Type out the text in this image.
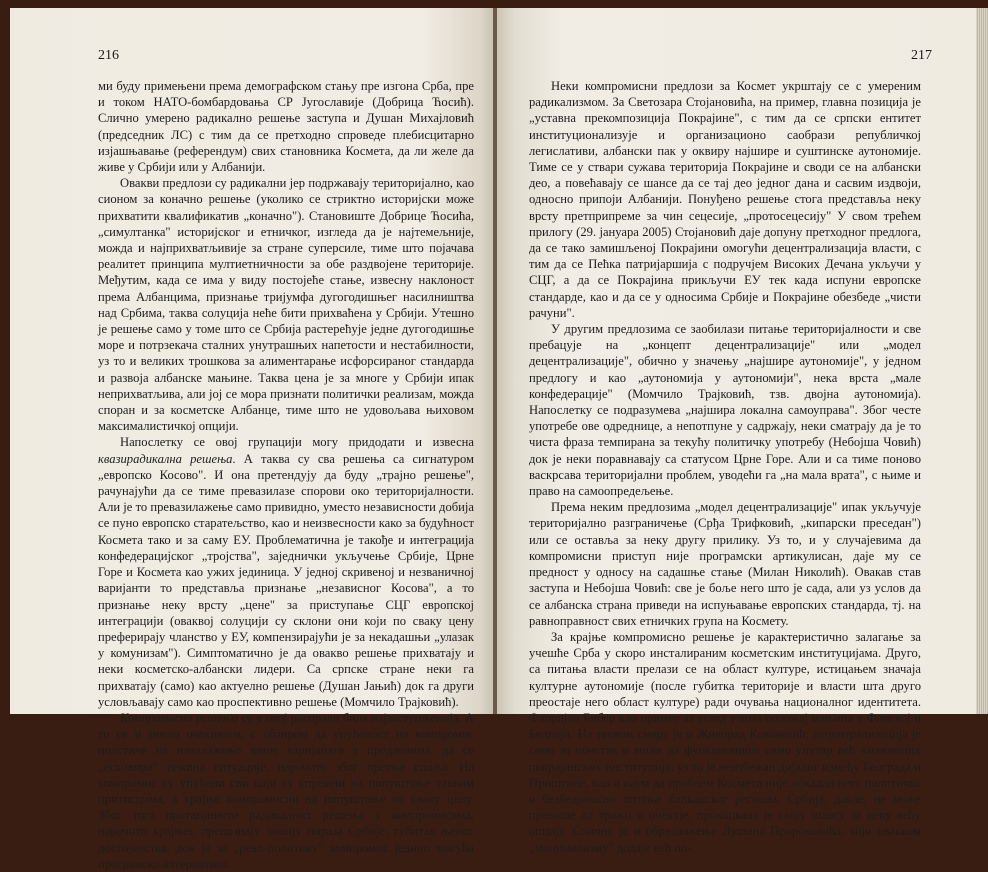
216

ми буду примењени према демографском стању пре изгона Срба, пре и током НАТО-бомбардовања СР Југославије (Добрица Ћосић). Слично умерено радикално решење заступа и Душан Михајловић (председник ЛС) с тим да се претходно спроведе плебисцитарно изјашњавање (референдум) свих становника Космета, да ли желе да живе у Србији или у Албанији.

Овакви предлози су радикални јер подржавају територијално, као сионом за коначно решење (уколико се стриктно историјски може прихватити квалификатив „коначно"). Становиште Добрице Ћосића, „симултанка" историјског и етничког, изгледа да је најтемељније, можда и најприхватљивије за стране суперсиле, тиме што појачава реалитет принципа мултиетничности за обе раздвојене територије. Међутим, када се има у виду постојеће стање, извесну наклоност према Албанцима, признање тријумфа дугогодишњег насилништва над Србима, таква солуција неће бити прихваћена у Србији. Утешно је решење само у томе што се Србија растерећује једне дугогодишње море и потрзекача сталних унутрашњих напетости и нестабилности, уз то и великих трошкова за алиментарање исфорсираног стандарда и развоја албанске мањине. Таква цена је за многе у Србији ипак неприхватљива, али јој се мора признати политички реализам, можда споран и за косметске Албанце, тиме што не удовољава њиховом максималистичкој опцији.

Напослетку се овој групацији могу придодати и извесна квазирадикална решења. А таква су сва решења са сигнатуром „европско Косово". И она претендују да буду „трајно решење", рачунајући да се тиме превазилазе спорови око територијалности. Али је то превазилажење само привидно, уместо независности добија се пуно европско старатељство, као и неизвесности како за будућност Космета тако и за саму ЕУ. Проблематична је такође и интеграција конфедерацијског „тројства", заједнички укључење Србије, Црне Горе и Космета као ужих јединица. У једној скривеној и незваничној варијанти то представља признање „независног Косова", а то признање неку врсту „цене" за приступање СЦГ европској интеграцији (оваквој солуцији су склони они који по сваку цену преферирају чланство у ЕУ, компензирајући је за некадашњи „улазак у комунизам"). Симптоматично је да овакво решење прихватају и неки косметско-албански лидери. Са српске стране неки га прихватају (само) као актуелно решење (Душан Јањић) док га други условљавају само као проспективно решење (Момчило Трајковић).

Компромисна решења су у овој расправи била најзаступљенија. А то се и могло очекивати, с обзиром да упућеност на компромис подстиче на изналажење више варијаната у предлозима, да се „ескивира" тежина ситуације, нарочито због претње споља. На компромис су упућени сви који су спремни на попуштање таквим притисцима, а крајње компромисни на попуштање по сваку цену. Због тога протагонисти радикалних решења у компромисима, нарочито крајњег, препознају линију пораза Србије, губитак њеног достојанства, док је за „реал-политику" компромис једино могућа програмска алтернатива.

217

Неки компромисни предлози за Космет укрштају се с умереним радикализмом. За Светозара Стојановића, на пример, главна позиција је „уставна прекомпозиција Покрајине", с тим да се српски ентитет институционализује и организационо саобрази републичкој легислативи, албански пак у оквиру најшире и суштинске аутономије. Тиме се у ствари сужава територија Покрајине и своди се на албански део, а повећавају се шансе да се тај део једног дана и сасвим издвоји, односно припоји Албанији. Понуђено решење стога представља неку врсту претприпреме за чин сецесије, „протосецесију" У свом трећем прилогу (29. јануара 2005) Стојановић даје допуну претходног предлога, да се тако замишљеној Покрајини омогући децентрализација власти, с тим да се Пећка патријаршија с подручјем Високих Дечана укључи у СЦГ, а да се Покрајина прикључи ЕУ тек када испуни европске стандарде, као и да се у односима Србије и Покрајине обезбеде „чисти рачуни".

У другим предлозима се заобилази питање територијалности и све пребацује на „концепт децентрализације" или „модел децентрализације", обично у значењу „најшире аутономије", у једном предлогу и као „аутономија у аутономији", нека врста „мале конфедерације" (Момчило Трајковић, тзв. двојна аутономија). Напослетку се подразумева „најшира локална самоуправа". Због честе употребе ове одреднице, а непотпуне у садржају, неки сматрају да је то чиста фраза темпирана за текућу политичку употребу (Небојша Човић) док је неки поравнавају са статусом Црне Горе. Али и са тиме поново васкрсава територијални проблем, уводећи га „на мала врата", с њиме и право на самоопредељење.

Према неким предлозима „модел децентрализације" ипак укључује територијално разграничење (Срђа Трифковић, „кипарски преседан") или се оставља за неку другу прилику. Уз то, и у случајевима да компромисни приступ није програмски артикулисан, даје му се предност у односу на садашње стање (Милан Николић). Овакав став заступа и Небојша Човић: све је боље него што је сада, али уз услов да се албанска страна приведи на испуњавање европских стандарда, тј. на равноправност свих етничких група на Космету.

За крајње компромисно решење је карактеристично залагање за учешће Срба у скоро инсталираним косметским институцијама. Друго, са питања власти прелази се на област културе, истицањем значаја културне аутономије (после губитка територије и власти шта друго преостаје него област културе) ради очувања националног идентитета. Флоријан Бибер као пример за углед узима положај мањина у Финској и Белгији. На тaквом смеру је и Живорад Ковачевић; децентрализација је само за почетак и може да функционише само унутар већ заснованих покрајинских институција, уз то је неизбежан дијалог између Београда и Приштине, као и наум да проблем Космета није локалан него политичко и безбедоносно питање балканског региона. Србија, дакле, не може превише да тражи и очекује, прокоцкала је своју шансу за неку већу опцију. Слично је и образложење Душана Пророковића, који оваквом „минимализму" додаје већ по-
